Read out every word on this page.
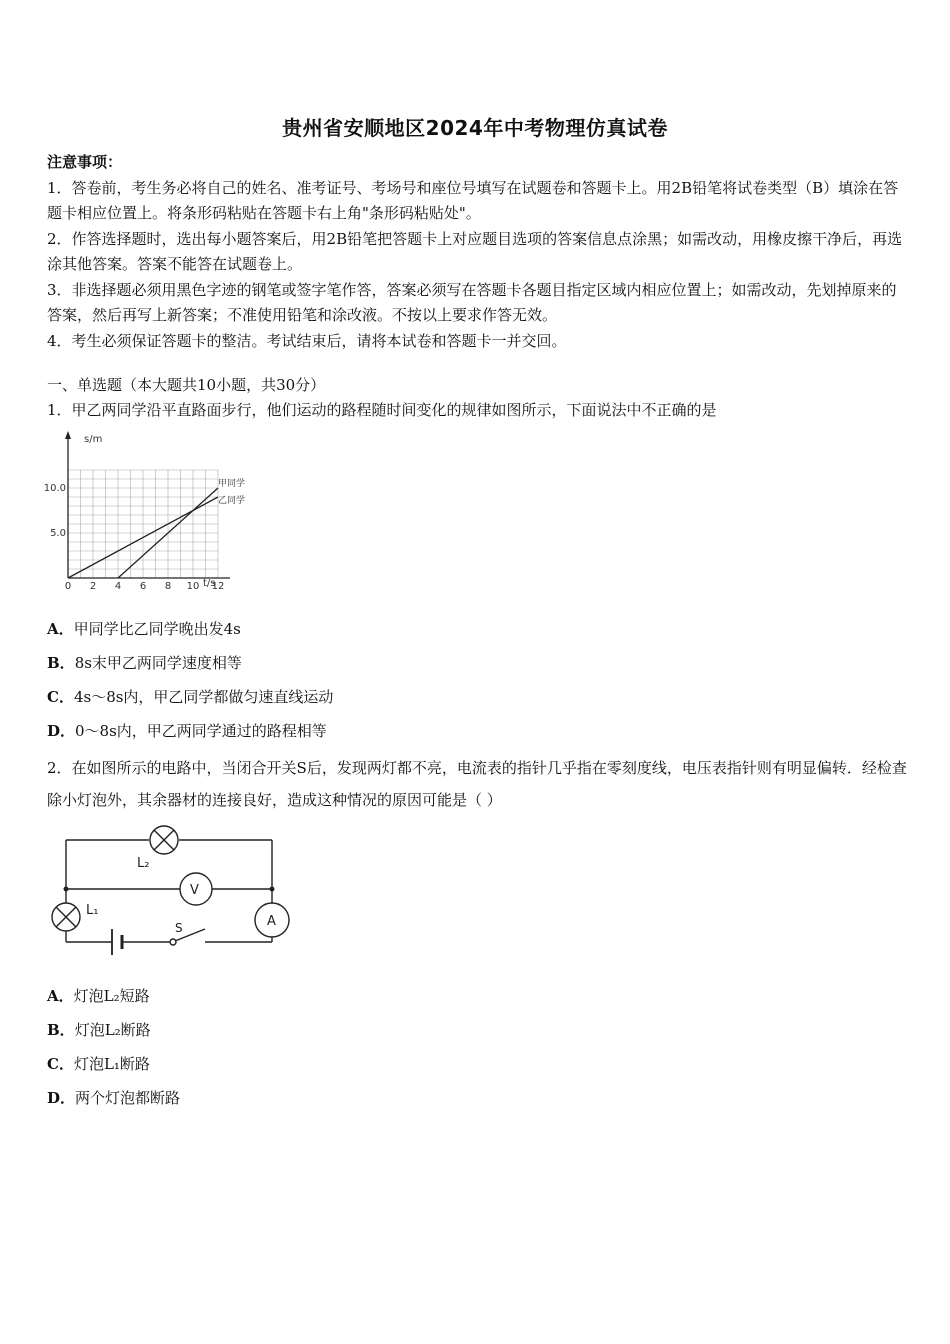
贵州省安顺地区2024年中考物理仿真试卷

注意事项：

1．答卷前，考生务必将自己的姓名、准考证号、考场号和座位号填写在试题卷和答题卡上。用2B铅笔将试卷类型（B）填涂在答题卡相应位置上。将条形码粘贴在答题卡右上角"条形码粘贴处"。

2．作答选择题时，选出每小题答案后，用2B铅笔把答题卡上对应题目选项的答案信息点涂黑；如需改动，用橡皮擦干净后，再选涂其他答案。答案不能答在试题卷上。

3．非选择题必须用黑色字迹的钢笔或签字笔作答，答案必须写在答题卡各题目指定区域内相应位置上；如需改动，先划掉原来的答案，然后再写上新答案；不准使用铅笔和涂改液。不按以上要求作答无效。

4．考生必须保证答题卡的整洁。考试结束后，请将本试卷和答题卡一并交回。

一、单选题（本大题共10小题，共30分）
1．甲乙两同学沿平直路面步行，他们运动的路程随时间变化的规律如图所示，下面说法中不正确的是
s/m
t/s
0 2 4 6 8 10 12
5.0
10.0	甲同学
乙同学
A．甲同学比乙同学晚出发4s
B．8s末甲乙两同学速度相等
C．4s～8s内，甲乙同学都做匀速直线运动
D．0～8s内，甲乙两同学通过的路程相等
2．在如图所示的电路中，当闭合开关S后，发现两灯都不亮，电流表的指针几乎指在零刻度线，电压表指针则有明显偏转．经检查除小灯泡外，其余器材的连接良好，造成这种情况的原因可能是（ ）
L₂
L₁
V
A
S
A．灯泡L₂短路
B．灯泡L₂断路
C．灯泡L₁断路
D．两个灯泡都断路
